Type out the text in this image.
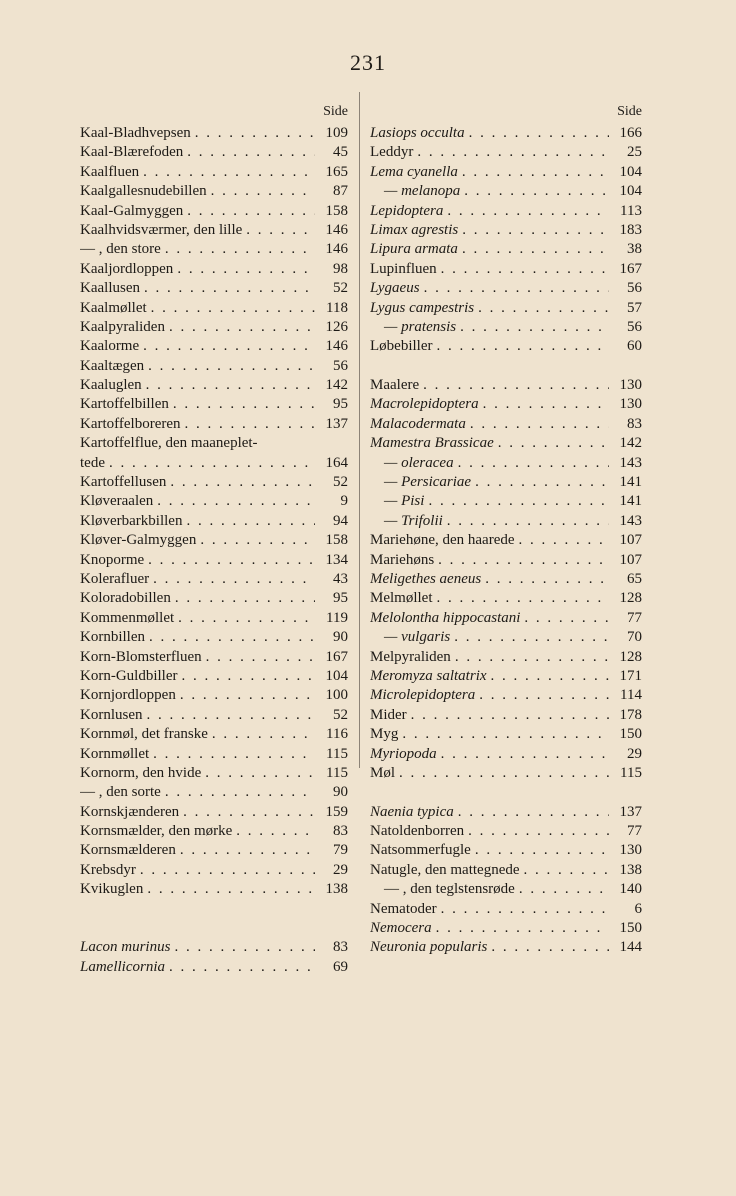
231
Side
Kaal-Bladhvepsen . . .	109
Kaal-Blærefoden . . .	45
Kaalfluen . . .	165
Kaalgallesnudebillen . . .	87
Kaal-Galmyggen . . .	158
Kaalhvidsværmer, den lille . . .	146
— , den store . . .	146
Kaaljordloppen . . .	98
Kaallusen . . .	52
Kaalmøllet . . .	118
Kaalpyraliden . . .	126
Kaalorme . . .	146
Kaaltægen . . .	56
Kaaluglen . . .	142
Kartoffelbillen . . .	95
Kartoffelboreren . . .	137
Kartoffelflue, den maaneplet-
tede . . .	164
Kartoffellusen . . .	52
Kløveraalen . . .	9
Kløverbarkbillen . . .	94
Kløver-Galmyggen . . .	158
Knoporme . . .	134
Kolerafluer . . .	43
Koloradobillen . . .	95
Kommenmøllet . . .	119
Kornbillen . . .	90
Korn-Blomsterfluen . . .	167
Korn-Guldbiller . . .	104
Kornjordloppen . . .	100
Kornlusen . . .	52
Kornmøl, det franske . . .	116
Kornmøllet . . .	115
Kornorm, den hvide . . .	115
— , den sorte . . .	90
Kornskjænderen . . .	159
Kornsmælder, den mørke . . .	83
Kornsmælderen . . .	79
Krebsdyr . . .	29
Kvikuglen . . .	138
Lacon murinus . . .	83
Lamellicornia . . .	69
Side
Lasiops occulta . . .	166
Leddyr . . .	25
Lema cyanella . . .	104
— melanopa . . .	104
Lepidoptera . . .	113
Limax agrestis . . .	183
Lipura armata . . .	38
Lupinfluen . . .	167
Lygaeus . . .	56
Lygus campestris . . .	57
— pratensis . . .	56
Løbebiller . . .	60
Maalere . . .	130
Macrolepidoptera . . .	130
Malacodermata . . .	83
Mamestra Brassicae . . .	142
— oleracea . . .	143
— Persicariae . . .	141
— Pisi . . .	141
— Trifolii . . .	143
Mariehøne, den haarede . . .	107
Mariehøns . . .	107
Meligethes aeneus . . .	65
Melmøllet . . .	128
Melolontha hippocastani . . .	77
— vulgaris . . .	70
Melpyraliden . . .	128
Meromyza saltatrix . . .	171
Microlepidoptera . . .	114
Mider . . .	178
Myg . . .	150
Myriopoda . . .	29
Møl . . .	115
Naenia typica . . .	137
Natoldenborren . . .	77
Natsommerfugle . . .	130
Natugle, den mattegnede . . .	138
— , den teglstensrøde . . .	140
Nematoder . . .	6
Nemocera . . .	150
Neuronia popularis . . .	144
